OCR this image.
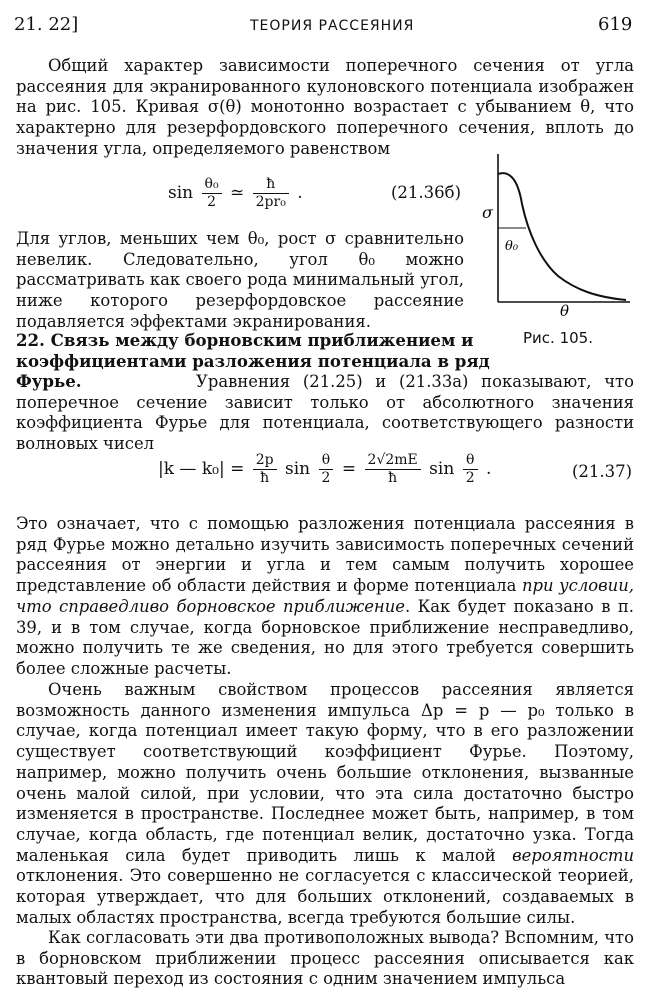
21. 22]	ТЕОРИЯ РАССЕЯНИЯ	619
Общий характер зависимости поперечного сечения от угла рассеяния для экранированного кулоновского потенциала изображен на рис. 105. Кривая σ(θ) монотонно возрастает с убыванием θ, что характерно для резерфордовского поперечного сечения, вплоть до значения угла, определяемого равенством
$\sin \frac{\text{θ₀}}{2}$ ≃ $\frac{ħ}{\text{2pr₀}}$ .	(21.36б)
Для углов, меньших чем θ₀, рост σ сравнительно невелик. Следовательно, угол θ₀ можно рассматривать как своего рода минимальный угол, ниже которого резерфордовское рассеяние подавляется эффектами экранирования.
σ
θ₀
θ
Рис. 105.
22. Связь между борновским приближением и коэффициентами разложения потенциала в ряд Фурье.	Уравнения (21.25) и (21.33а) показывают, что поперечное сечение зависит только от абсолютного значения коэффициента Фурье для потенциала, соответствующего разности волновых чисел
|k — $k_0| = \frac{2p}{ħ}$ $\sin \frac{\theta}{2} = \frac{2√2mE}{ħ}$ $\sin \frac{\theta}{2}$ .	(21.37)
Это означает, что с помощью разложения потенциала рассеяния в ряд Фурье можно детально изучить зависимость поперечных сечений рассеяния от энергии и угла и тем самым получить хорошее представление об области действия и форме потенциала при условии, что справедливо борновское приближение. Как будет показано в п. 39, и в том случае, когда борновское приближение несправедливо, можно получить те же сведения, но для этого требуется совершить более сложные расчеты.
Очень важным свойством процессов рассеяния является возможность данного изменения импульса Δp = p — p₀ только в случае, когда потенциал имеет такую форму, что в его разложении существует соответствующий коэффициент Фурье. Поэтому, например, можно получить очень большие отклонения, вызванные очень малой силой, при условии, что эта сила достаточно быстро изменяется в пространстве. Последнее может быть, например, в том случае, когда область, где потенциал велик, достаточно узка. Тогда маленькая сила будет приводить лишь к малой вероятности отклонения. Это совершенно не согласуется с классической теорией, которая утверждает, что для больших отклонений, создаваемых в малых областях пространства, всегда требуются большие силы.
Как согласовать эти два противоположных вывода? Вспомним, что в борновском приближении процесс рассеяния описывается как квантовый переход из состояния с одним значением импульса
